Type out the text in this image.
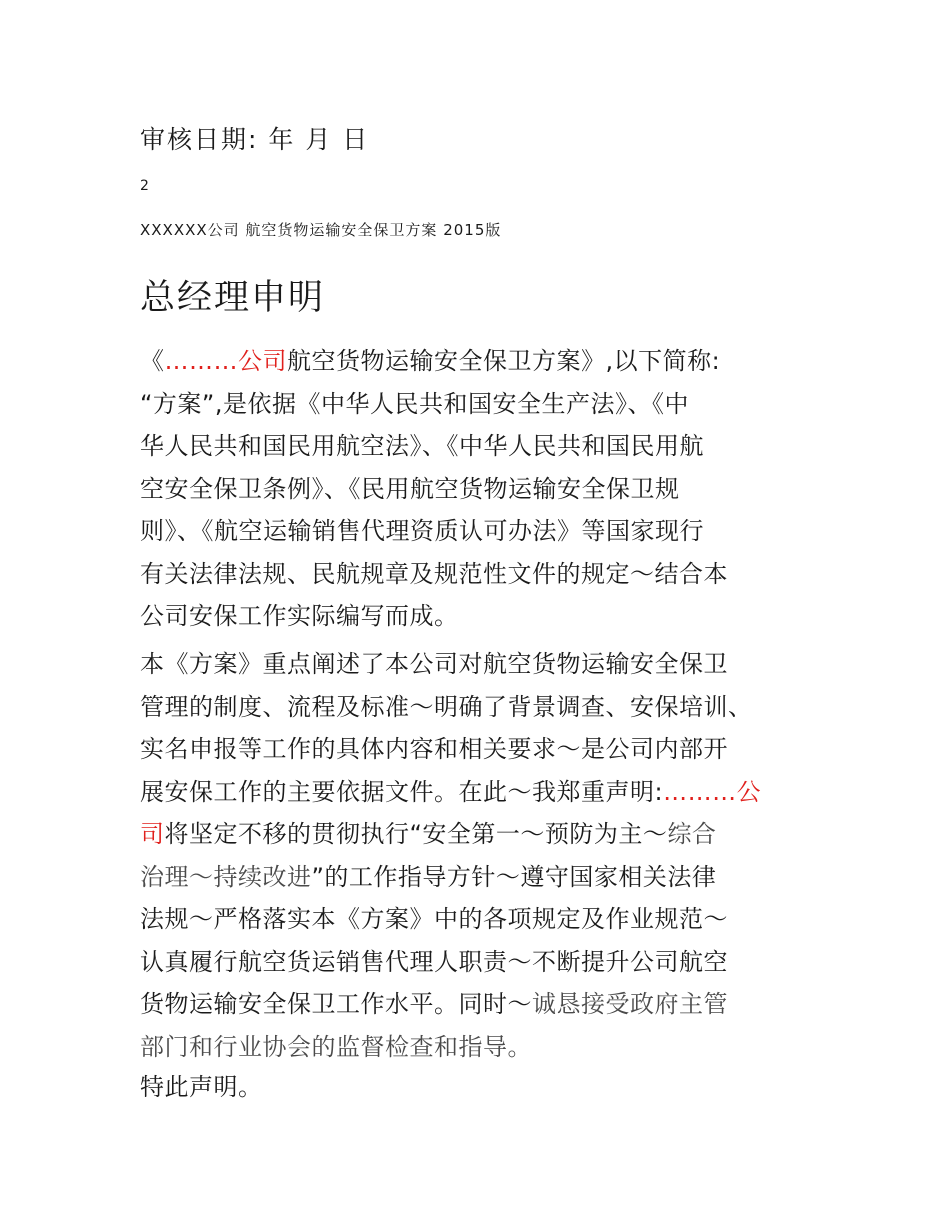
审核日期: 年 月 日
2
XXXXXX公司 航空货物运输安全保卫方案 2015版
总经理申明
《………公司航空货物运输安全保卫方案》,以下简称:
“方案”,是依据《中华人民共和国安全生产法》、《中
华人民共和国民用航空法》、《中华人民共和国民用航
空安全保卫条例》、《民用航空货物运输安全保卫规
则》、《航空运输销售代理资质认可办法》等国家现行
有关法律法规、民航规章及规范性文件的规定～结合本
公司安保工作实际编写而成。
本《方案》重点阐述了本公司对航空货物运输安全保卫
管理的制度、流程及标准～明确了背景调查、安保培训、
实名申报等工作的具体内容和相关要求～是公司内部开
展安保工作的主要依据文件。在此～我郑重声明:………公
司将坚定不移的贯彻执行“安全第一～预防为主～综合
治理～持续改进”的工作指导方针～遵守国家相关法律
法规～严格落实本《方案》中的各项规定及作业规范～
认真履行航空货运销售代理人职责～不断提升公司航空
货物运输安全保卫工作水平。同时～诚恳接受政府主管
部门和行业协会的监督检查和指导。
特此声明。
